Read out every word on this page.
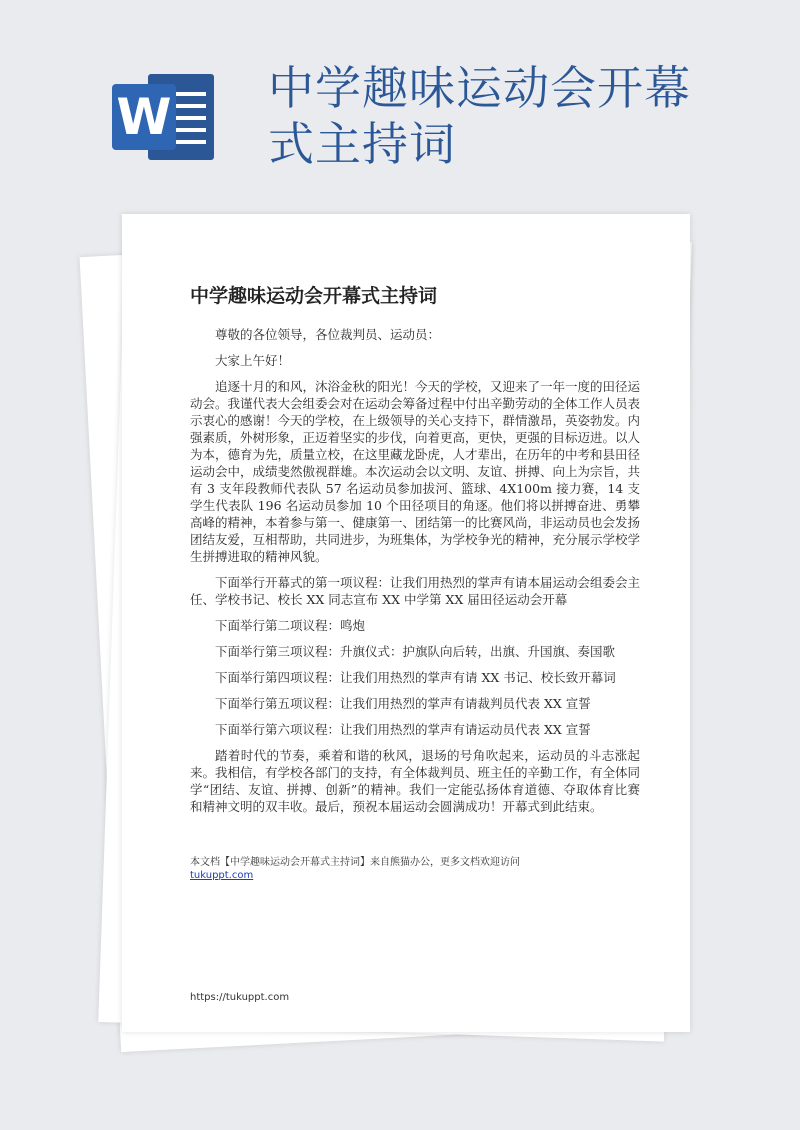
W 中学趣味运动会开幕式主持词
中学趣味运动会开幕式主持词

尊敬的各位领导，各位裁判员、运动员：

大家上午好！

追逐十月的和风，沐浴金秋的阳光！今天的学校，又迎来了一年一度的田径运动会。我谨代表大会组委会对在运动会筹备过程中付出辛勤劳动的全体工作人员表示衷心的感谢！今天的学校，在上级领导的关心支持下，群情激昂，英姿勃发。内强素质，外树形象，正迈着坚实的步伐，向着更高，更快，更强的目标迈进。以人为本，德育为先，质量立校，在这里藏龙卧虎，人才辈出，在历年的中考和县田径运动会中，成绩斐然傲视群雄。本次运动会以文明、友谊、拼搏、向上为宗旨，共有 3 支年段教师代表队 57 名运动员参加拔河、篮球、4X100m 接力赛，14 支学生代表队 196 名运动员参加 10 个田径项目的角逐。他们将以拼搏奋进、勇攀高峰的精神，本着参与第一、健康第一、团结第一的比赛风尚，非运动员也会发扬团结友爱，互相帮助，共同进步，为班集体，为学校争光的精神，充分展示学校学生拼搏进取的精神风貌。

下面举行开幕式的第一项议程：让我们用热烈的掌声有请本届运动会组委会主任、学校书记、校长 XX 同志宣布 XX 中学第 XX 届田径运动会开幕

下面举行第二项议程：鸣炮

下面举行第三项议程：升旗仪式：护旗队向后转，出旗、升国旗、奏国歌

下面举行第四项议程：让我们用热烈的掌声有请 XX 书记、校长致开幕词

下面举行第五项议程：让我们用热烈的掌声有请裁判员代表 XX 宣誓

下面举行第六项议程：让我们用热烈的掌声有请运动员代表 XX 宣誓

踏着时代的节奏，乘着和谐的秋风，退场的号角吹起来，运动员的斗志涨起来。我相信，有学校各部门的支持，有全体裁判员、班主任的辛勤工作，有全体同学“团结、友谊、拼搏、创新”的精神。我们一定能弘扬体育道德、夺取体育比赛和精神文明的双丰收。最后，预祝本届运动会圆满成功！开幕式到此结束。

本文档【中学趣味运动会开幕式主持词】来自熊猫办公，更多文档欢迎访问
tukuppt.com
https://tukuppt.com
